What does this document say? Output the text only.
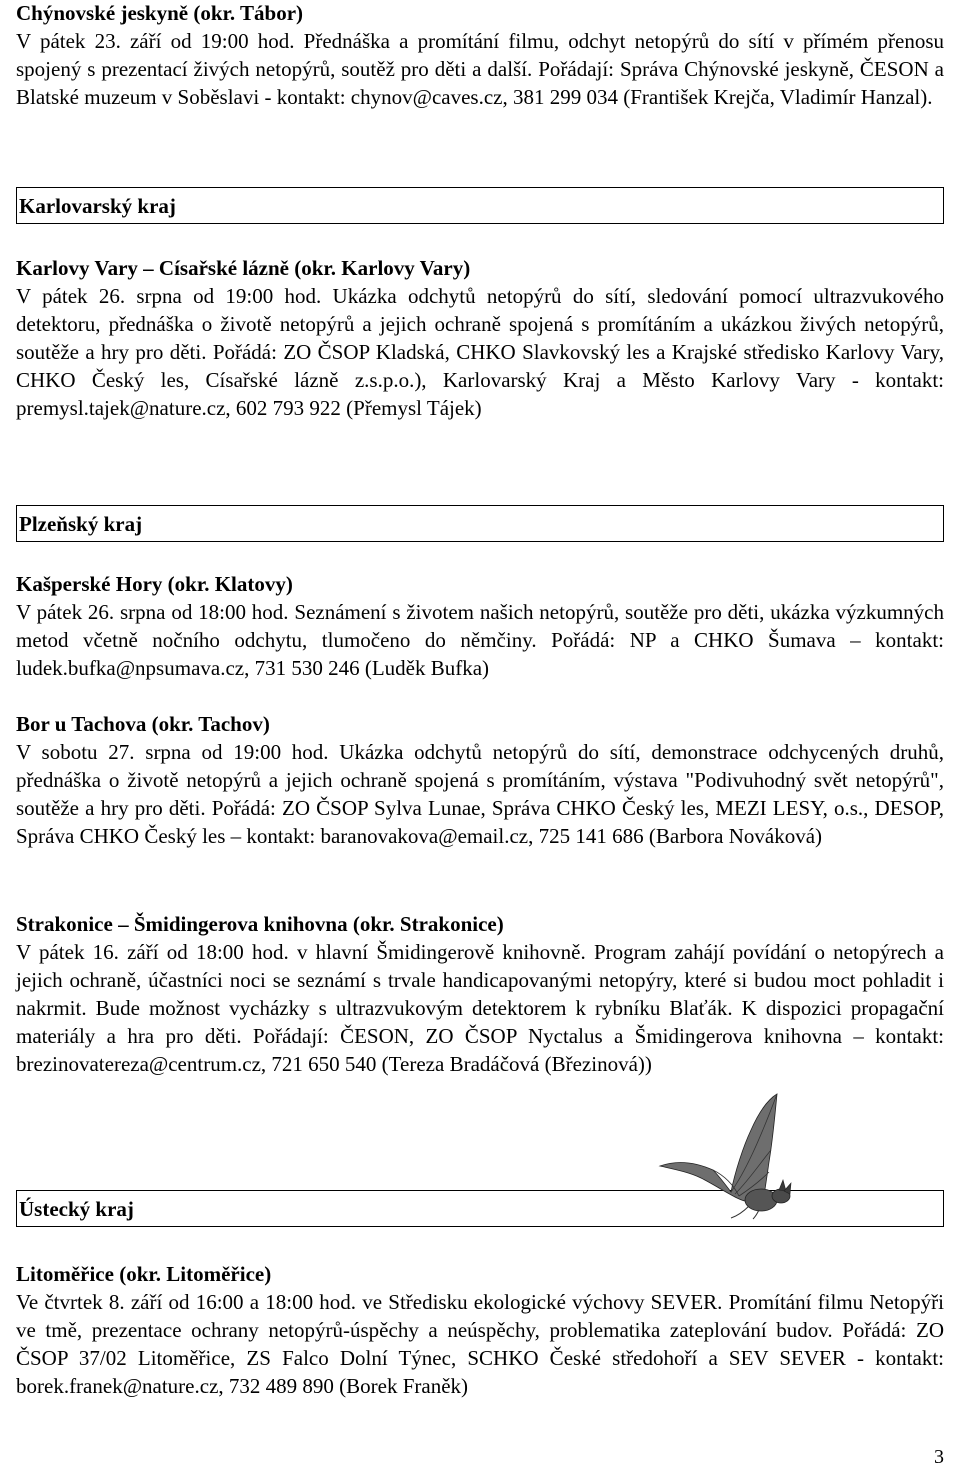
Chýnovské jeskyně (okr. Tábor)

V pátek 23. září od 19:00 hod. Přednáška a promítání filmu, odchyt netopýrů do sítí v přímém přenosu spojený s prezentací živých netopýrů, soutěž pro děti a další. Pořádají: Správa Chýnovské jeskyně, ČESON a Blatské muzeum v Soběslavi - kontakt: chynov@caves.cz, 381 299 034 (František Krejča, Vladimír Hanzal).

Karlovarský kraj

Karlovy Vary – Císařské lázně (okr. Karlovy Vary)

V pátek 26. srpna od 19:00 hod. Ukázka odchytů netopýrů do sítí, sledování pomocí ultrazvukového detektoru, přednáška o životě netopýrů a jejich ochraně spojená s promítáním a ukázkou živých netopýrů, soutěže a hry pro děti. Pořádá: ZO ČSOP Kladská, CHKO Slavkovský les a Krajské středisko Karlovy Vary, CHKO Český les, Císařské lázně z.s.p.o.), Karlovarský Kraj a Město Karlovy Vary - kontakt: premysl.tajek@nature.cz, 602 793 922 (Přemysl Tájek)

Plzeňský kraj

Kašperské Hory (okr. Klatovy)

V pátek 26. srpna od 18:00 hod. Seznámení s životem našich netopýrů, soutěže pro děti, ukázka výzkumných metod včetně nočního odchytu, tlumočeno do němčiny. Pořádá: NP a CHKO Šumava – kontakt: ludek.bufka@npsumava.cz, 731 530 246 (Luděk Bufka)

Bor u Tachova (okr. Tachov)

V sobotu 27. srpna od 19:00 hod. Ukázka odchytů netopýrů do sítí, demonstrace odchycených druhů, přednáška o životě netopýrů a jejich ochraně spojená s promítáním, výstava "Podivuhodný svět netopýrů", soutěže a hry pro děti. Pořádá: ZO ČSOP Sylva Lunae, Správa CHKO Český les, MEZI LESY, o.s., DESOP, Správa CHKO Český les – kontakt: baranovakova@email.cz, 725 141 686 (Barbora Nováková)

Strakonice – Šmidingerova knihovna (okr. Strakonice)

V pátek 16. září od 18:00 hod. v hlavní Šmidingerově knihovně. Program zahájí povídání o netopýrech a jejich ochraně, účastníci noci se seznámí s trvale handicapovanými netopýry, které si budou moct pohladit i nakrmit. Bude možnost vycházky s ultrazvukovým detektorem k rybníku Blaťák. K dispozici propagační materiály a hra pro děti. Pořádají: ČESON, ZO ČSOP Nyctalus a Šmidingerova knihovna – kontakt: brezinovatereza@centrum.cz, 721 650 540 (Tereza Bradáčová (Březinová))

Ústecký kraj

Litoměřice (okr. Litoměřice)

Ve čtvrtek 8. září od 16:00 a 18:00 hod. ve Středisku ekologické výchovy SEVER. Promítání filmu Netopýři ve tmě, prezentace ochrany netopýrů-úspěchy a neúspěchy, problematika zateplování budov. Pořádá: ZO ČSOP 37/02 Litoměřice, ZS Falco Dolní Týnec, SCHKO České středohoří a SEV SEVER - kontakt: borek.franek@nature.cz, 732 489 890 (Borek Franěk)

3
